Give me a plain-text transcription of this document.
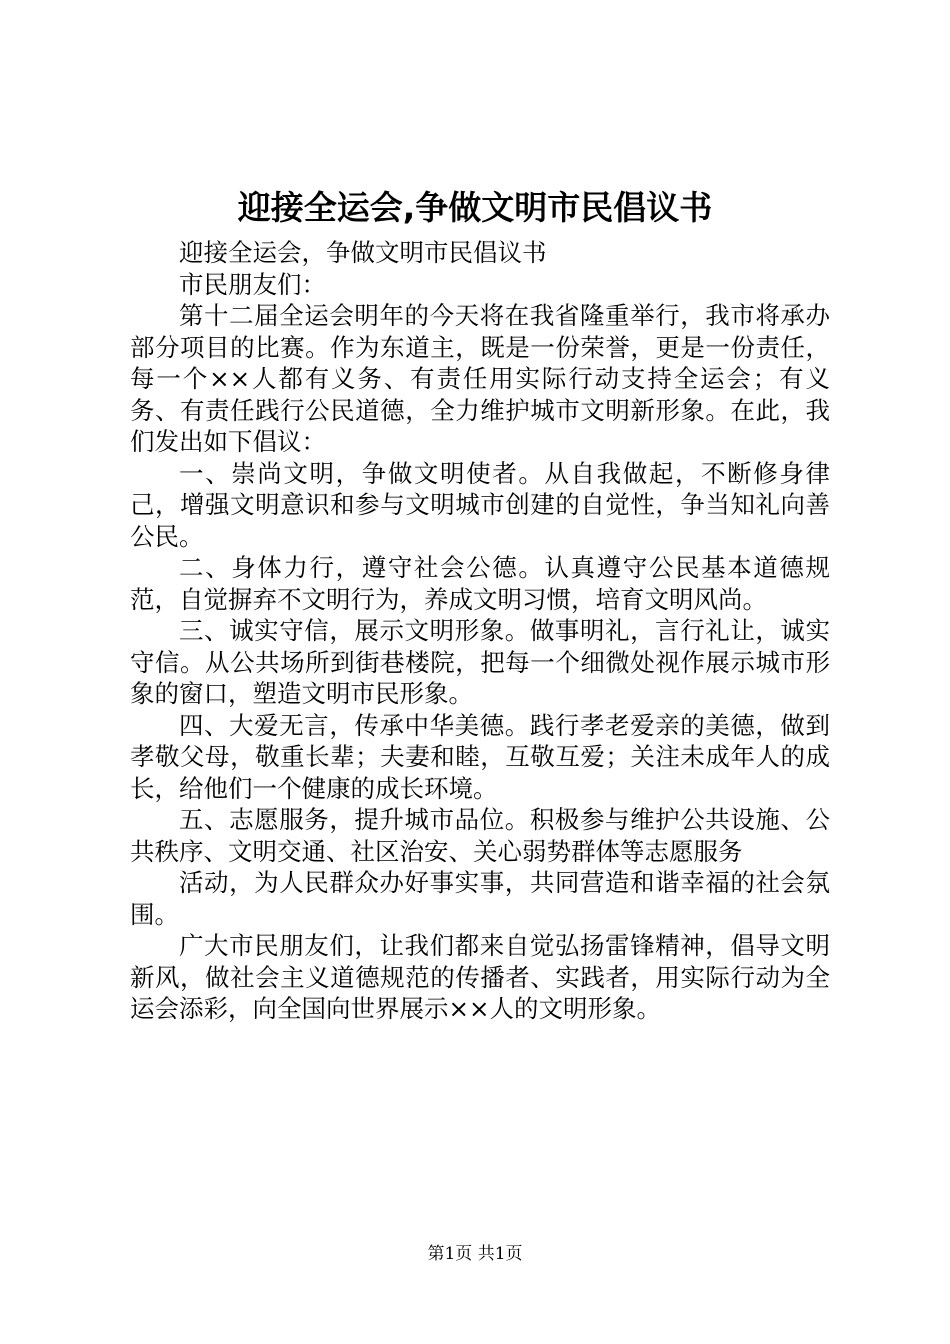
迎接全运会,争做文明市民倡议书

迎接全运会，争做文明市民倡议书

市民朋友们：

第十二届全运会明年的今天将在我省隆重举行，我市将承办部分项目的比赛。作为东道主，既是一份荣誉，更是一份责任，每一个××人都有义务、有责任用实际行动支持全运会；有义务、有责任践行公民道德，全力维护城市文明新形象。在此，我们发出如下倡议：

一、崇尚文明，争做文明使者。从自我做起，不断修身律己，增强文明意识和参与文明城市创建的自觉性，争当知礼向善公民。

二、身体力行，遵守社会公德。认真遵守公民基本道德规范，自觉摒弃不文明行为，养成文明习惯，培育文明风尚。

三、诚实守信，展示文明形象。做事明礼，言行礼让，诚实守信。从公共场所到街巷楼院，把每一个细微处视作展示城市形象的窗口，塑造文明市民形象。

四、大爱无言，传承中华美德。践行孝老爱亲的美德，做到孝敬父母，敬重长辈；夫妻和睦，互敬互爱；关注未成年人的成长，给他们一个健康的成长环境。

五、志愿服务，提升城市品位。积极参与维护公共设施、公共秩序、文明交通、社区治安、关心弱势群体等志愿服务

活动，为人民群众办好事实事，共同营造和谐幸福的社会氛围。

广大市民朋友们，让我们都来自觉弘扬雷锋精神，倡导文明新风，做社会主义道德规范的传播者、实践者，用实际行动为全运会添彩，向全国向世界展示××人的文明形象。

第1页 共1页
